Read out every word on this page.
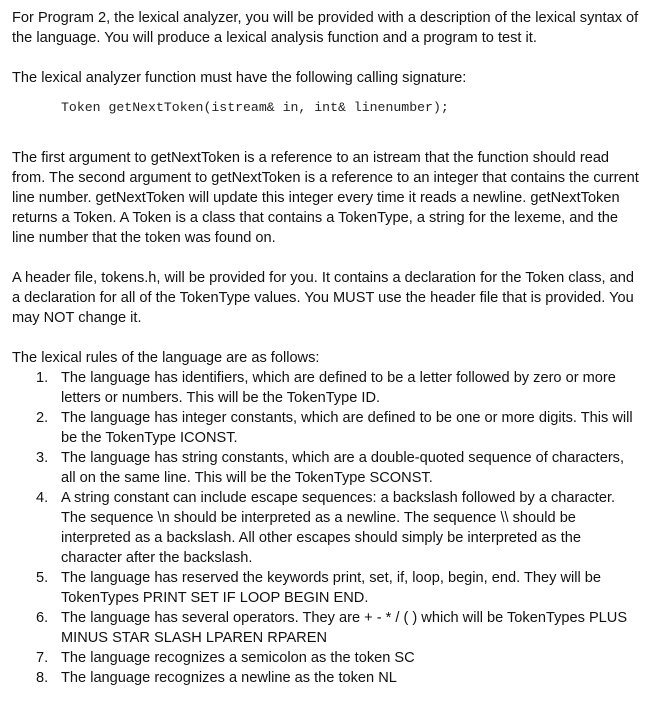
For Program 2, the lexical analyzer, you will be provided with a description of the lexical syntax of the language. You will produce a lexical analysis function and a program to test it.

The lexical analyzer function must have the following calling signature:

Token getNextToken(istream& in, int& linenumber);

The first argument to getNextToken is a reference to an istream that the function should read from. The second argument to getNextToken is a reference to an integer that contains the current line number. getNextToken will update this integer every time it reads a newline. getNextToken returns a Token. A Token is a class that contains a TokenType, a string for the lexeme, and the line number that the token was found on.

A header file, tokens.h, will be provided for you. It contains a declaration for the Token class, and a declaration for all of the TokenType values. You MUST use the header file that is provided. You may NOT change it.

The lexical rules of the language are as follows:

1. The language has identifiers, which are defined to be a letter followed by zero or more letters or numbers. This will be the TokenType ID.
2. The language has integer constants, which are defined to be one or more digits. This will be the TokenType ICONST.
3. The language has string constants, which are a double-quoted sequence of characters, all on the same line. This will be the TokenType SCONST.
4. A string constant can include escape sequences: a backslash followed by a character. The sequence \n should be interpreted as a newline. The sequence \\ should be interpreted as a backslash. All other escapes should simply be interpreted as the character after the backslash.
5. The language has reserved the keywords print, set, if, loop, begin, end. They will be TokenTypes PRINT SET IF LOOP BEGIN END.
6. The language has several operators. They are + - * / ( ) which will be TokenTypes PLUS MINUS STAR SLASH LPAREN RPAREN
7. The language recognizes a semicolon as the token SC
8. The language recognizes a newline as the token NL
